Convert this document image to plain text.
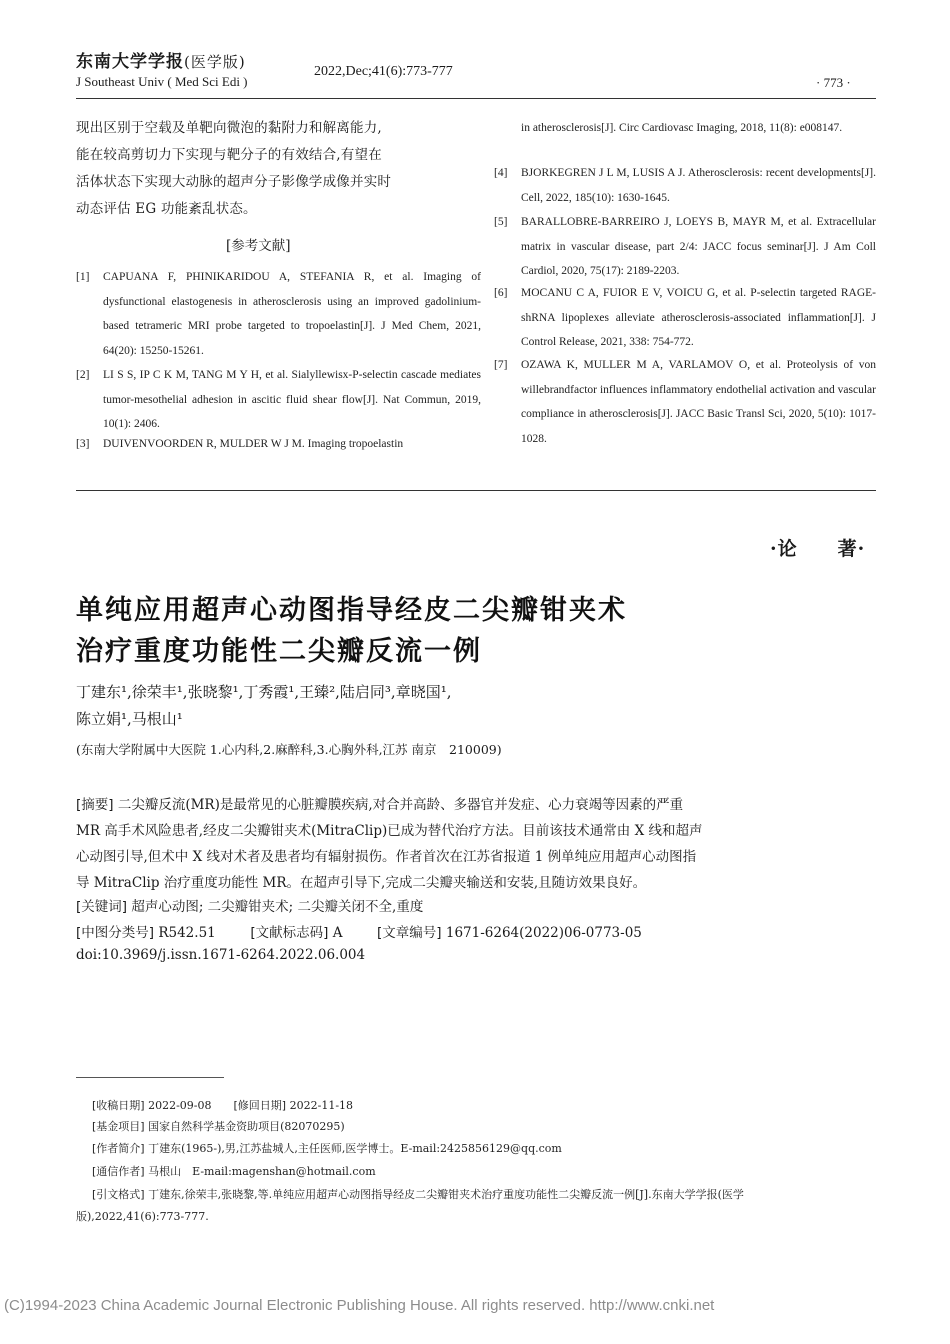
东南大学学报(医学版)
J Southeast Univ ( Med Sci Edi )
2022,Dec;41(6):773-777
· 773 ·
现出区别于空载及单靶向微泡的黏附力和解离能力,
能在较高剪切力下实现与靶分子的有效结合,有望在
活体状态下实现大动脉的超声分子影像学成像并实时
动态评估 EG 功能紊乱状态。
[参考文献]
[1] CAPUANA F, PHINIKARIDOU A, STEFANIA R, et al. Imaging of dysfunctional elastogenesis in atherosclerosis using an improved gadolinium-based tetrameric MRI probe targeted to tropoelastin[J]. J Med Chem, 2021, 64(20): 15250-15261.
[2] LI S S, IP C K M, TANG M Y H, et al. Sialyllewisx-P-selectin cascade mediates tumor-mesothelial adhesion in ascitic fluid shear flow[J]. Nat Commun, 2019, 10(1): 2406.
[3] DUIVENVOORDEN R, MULDER W J M. Imaging tropoelastin
in atherosclerosis[J]. Circ Cardiovasc Imaging, 2018, 11(8): e008147.
[4] BJORKEGREN J L M, LUSIS A J. Atherosclerosis: recent developments[J]. Cell, 2022, 185(10): 1630-1645.
[5] BARALLOBRE-BARREIRO J, LOEYS B, MAYR M, et al. Extracellular matrix in vascular disease, part 2/4: JACC focus seminar[J]. J Am Coll Cardiol, 2020, 75(17): 2189-2203.
[6] MOCANU C A, FUIOR E V, VOICU G, et al. P-selectin targeted RAGE-shRNA lipoplexes alleviate atherosclerosis-associated inflammation[J]. J Control Release, 2021, 338: 754-772.
[7] OZAWA K, MULLER M A, VARLAMOV O, et al. Proteolysis of von willebrandfactor influences inflammatory endothelial activation and vascular compliance in atherosclerosis[J]. JACC Basic Transl Sci, 2020, 5(10): 1017-1028.
·论　　著·
单纯应用超声心动图指导经皮二尖瓣钳夹术
治疗重度功能性二尖瓣反流一例
丁建东¹,徐荣丰¹,张晓黎¹,丁秀霞¹,王臻²,陆启同³,章晓国¹,
陈立娟¹,马根山¹
(东南大学附属中大医院 1.心内科,2.麻醉科,3.心胸外科,江苏 南京　210009)
[摘要] 二尖瓣反流(MR)是最常见的心脏瓣膜疾病,对合并高龄、多器官并发症、心力衰竭等因素的严重
MR 高手术风险患者,经皮二尖瓣钳夹术(MitraClip)已成为替代治疗方法。目前该技术通常由 X 线和超声
心动图引导,但术中 X 线对术者及患者均有辐射损伤。作者首次在江苏省报道 1 例单纯应用超声心动图指
导 MitraClip 治疗重度功能性 MR。在超声引导下,完成二尖瓣夹输送和安装,且随访效果良好。
[关键词] 超声心动图; 二尖瓣钳夹术; 二尖瓣关闭不全,重度
[中图分类号] R542.51	[文献标志码] A	[文章编号] 1671-6264(2022)06-0773-05
doi:10.3969/j.issn.1671-6264.2022.06.004
[收稿日期] 2022-09-08 [修回日期] 2022-11-18
[基金项目] 国家自然科学基金资助项目(82070295)
[作者简介] 丁建东(1965-),男,江苏盐城人,主任医师,医学博士。E-mail:2425856129@qq.com
[通信作者] 马根山　E-mail:magenshan@hotmail.com
[引文格式] 丁建东,徐荣丰,张晓黎,等.单纯应用超声心动图指导经皮二尖瓣钳夹术治疗重度功能性二尖瓣反流一例[J].东南大学学报(医学
版),2022,41(6):773-777.
(C)1994-2023 China Academic Journal Electronic Publishing House. All rights reserved. http://www.cnki.net
